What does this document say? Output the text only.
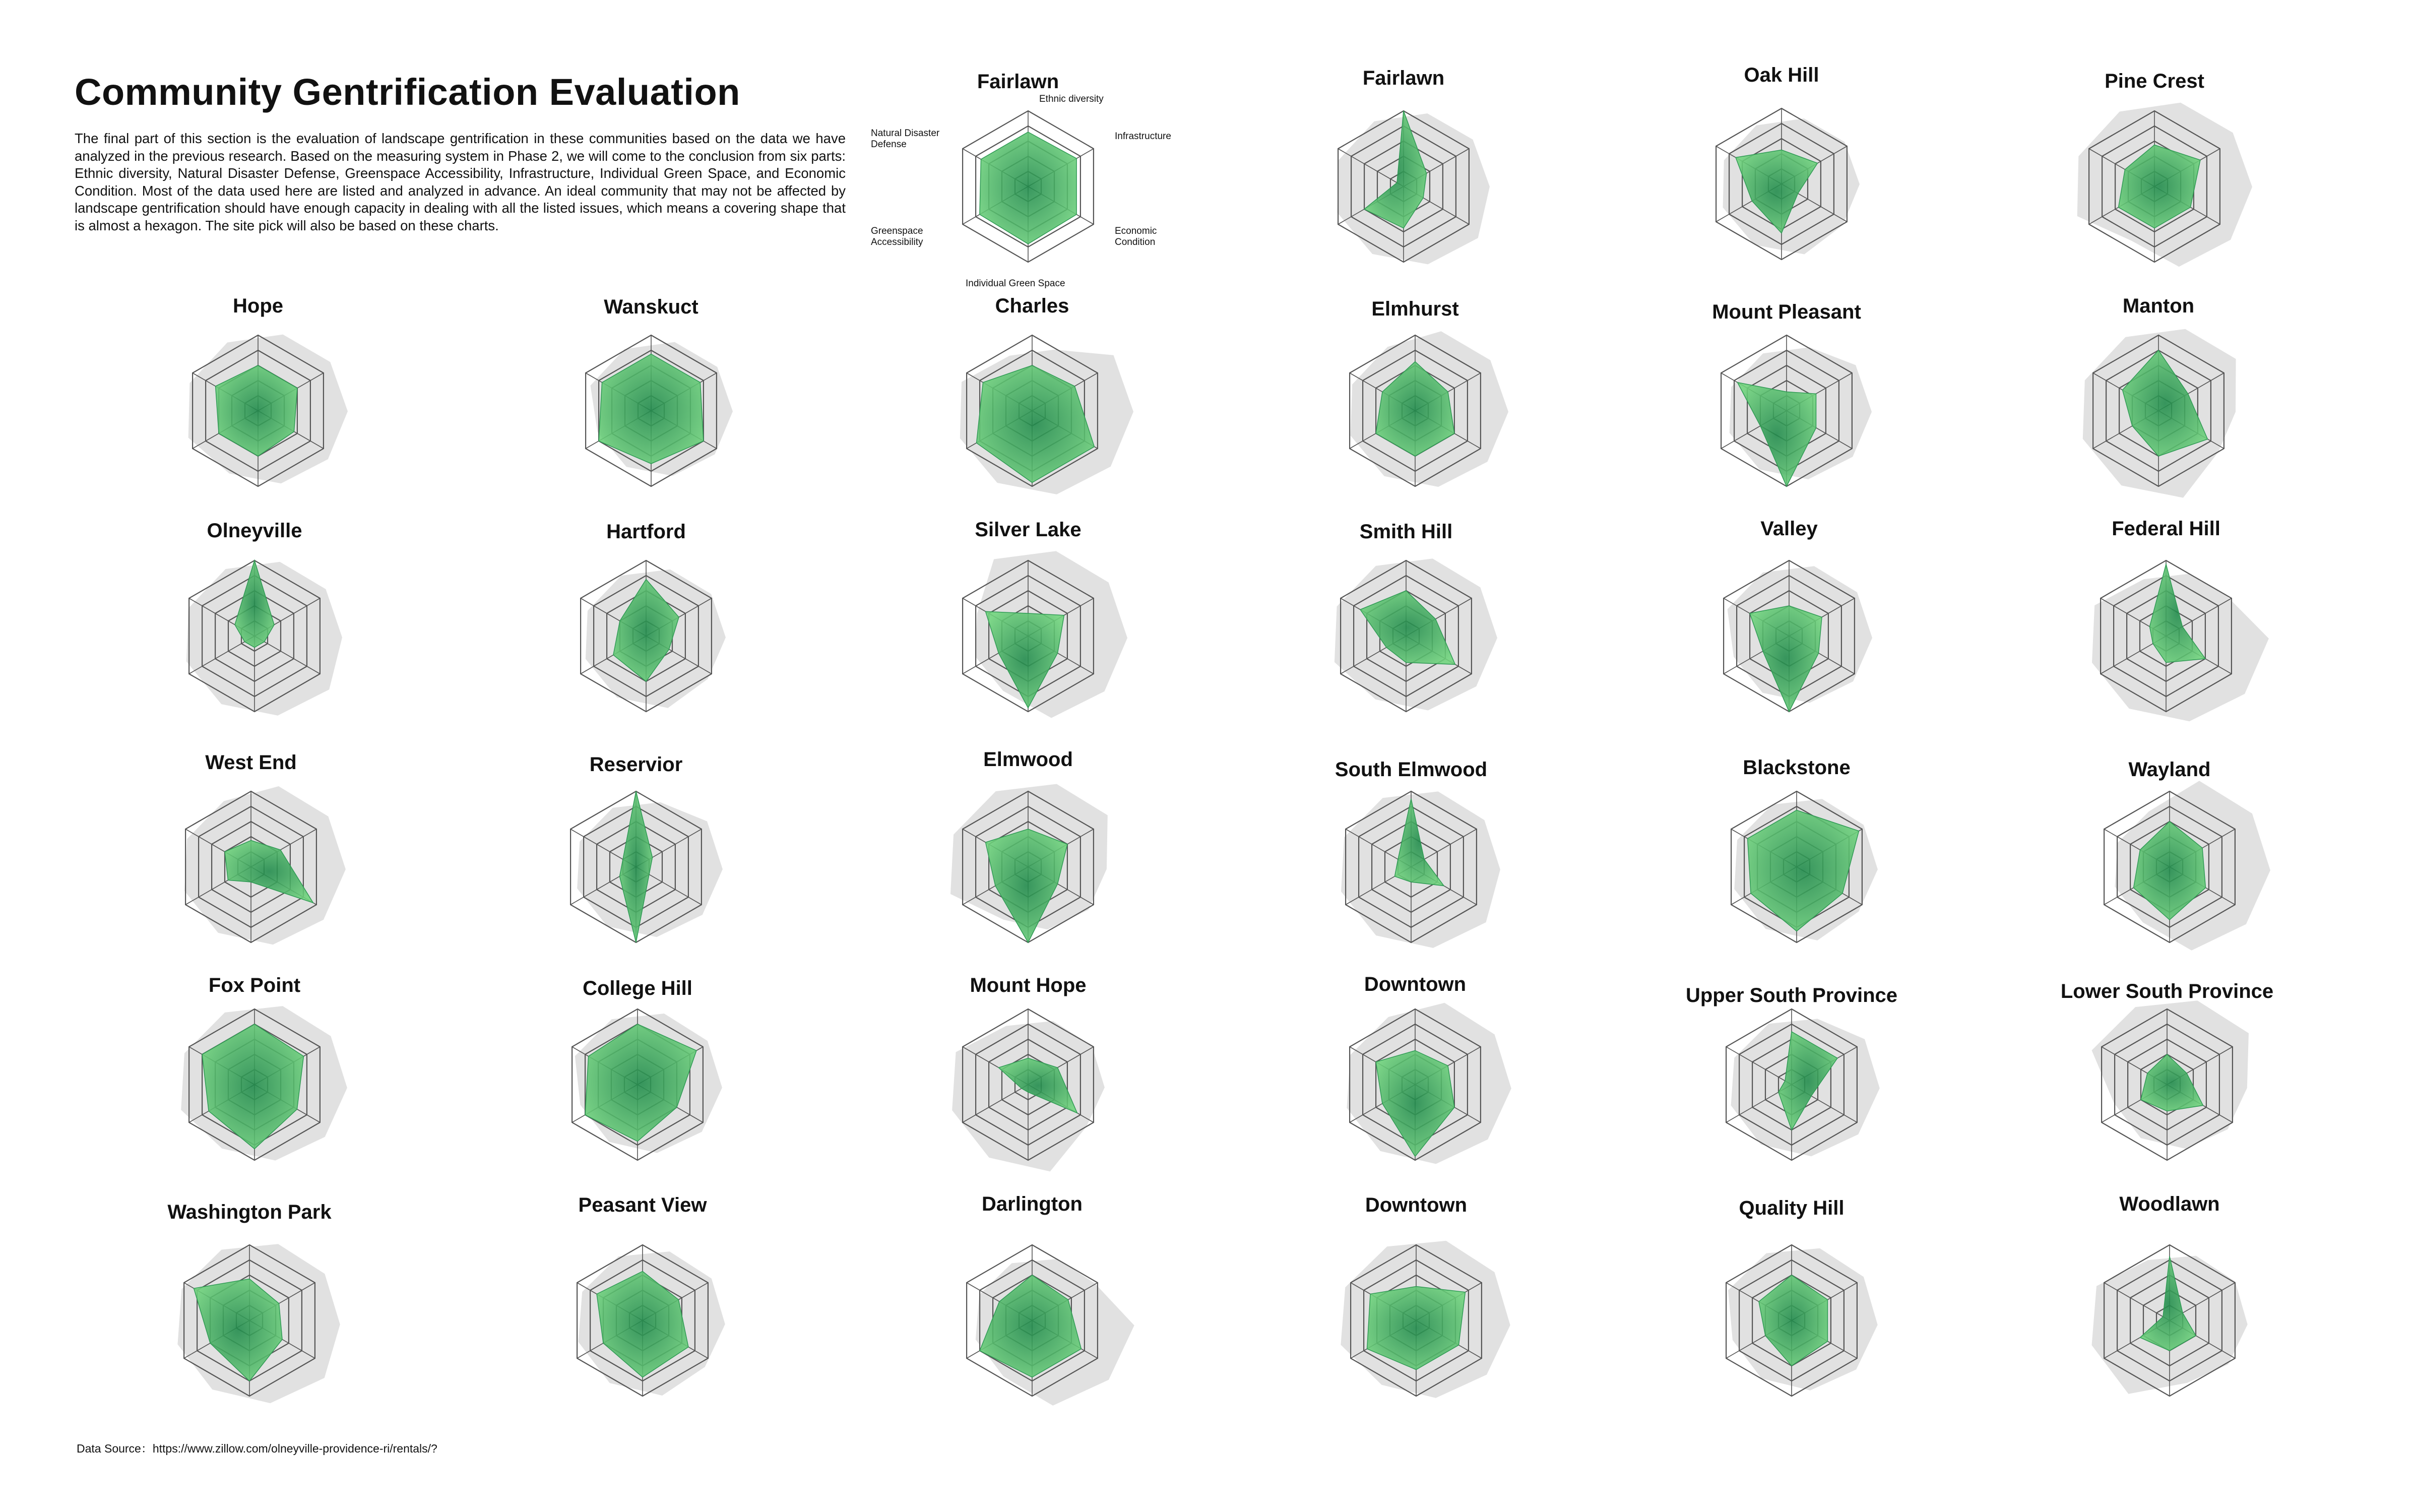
Community Gentrification Evaluation

The final part of this section is the evaluation of landscape gentrification in these communities based on the data we have analyzed in the previous research. Based on the measuring system in Phase 2, we will come to the conclusion from six parts: Ethnic diversity, Natural Disaster Defense, Greenspace Accessibility, Infrastructure, Individual Green Space, and Economic Condition. Most of the data used here are listed and analyzed in advance. An ideal community that may not be affected by landscape gentrification should have enough capacity in dealing with all the listed issues, which means a covering shape that is almost a hexagon. The site pick will also be based on these charts.

Fairlawn
Ethnic diversity
Infrastructure
Economic Condition
Individual Green Space
Greenspace Accessibility
Natural Disaster Defense
Fairlawn	Oak Hill	Pine Crest
Hope	Wanskuct	Charles	Elmhurst	Mount Pleasant	Manton
Olneyville	Hartford	Silver Lake	Smith Hill	Valley	Federal Hill
West End	Reservior	Elmwood	South Elmwood	Blackstone	Wayland
Fox Point	College Hill	Mount Hope	Downtown	Upper South Province	Lower South Province
Washington Park	Peasant View	Darlington	Downtown	Quality Hill	Woodlawn
Data Source：https://www.zillow.com/olneyville-providence-ri/rentals/?
